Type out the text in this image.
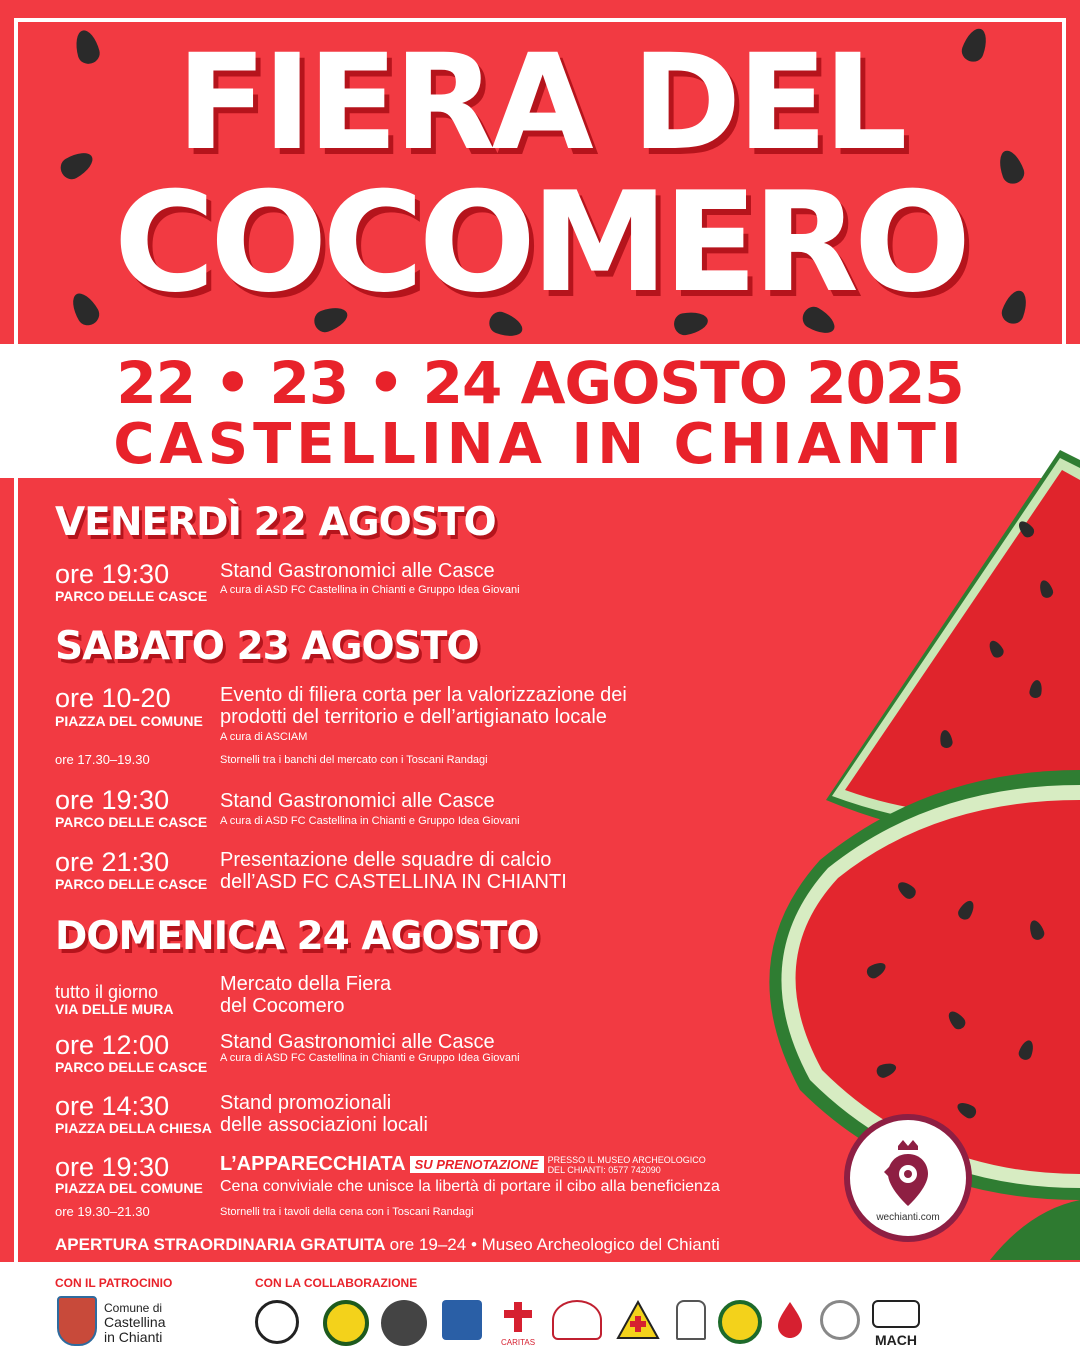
FIERA DEL
COCOMERO
22 • 23 • 24 AGOSTO 2025
CASTELLINA IN CHIANTI
VENERDÌ 22 AGOSTO
ore 19:30
PARCO DELLE CASCE
Stand Gastronomici alle Casce
A cura di ASD FC Castellina in Chianti e Gruppo Idea Giovani
SABATO 23 AGOSTO
ore 10-20
PIAZZA DEL COMUNE
Evento di filiera corta per la valorizzazione dei
prodotti del territorio e dell’artigianato locale
A cura di ASCIAM
ore 17.30–19.30	Stornelli tra i banchi del mercato con i Toscani Randagi
ore 19:30
PARCO DELLE CASCE
Stand Gastronomici alle Casce
A cura di ASD FC Castellina in Chianti e Gruppo Idea Giovani
ore 21:30
PARCO DELLE CASCE
Presentazione delle squadre di calcio
dell’ASD FC CASTELLINA IN CHIANTI
DOMENICA 24 AGOSTO
tutto il giorno
VIA DELLE MURA
Mercato della Fiera
del Cocomero
ore 12:00
PARCO DELLE CASCE
Stand Gastronomici alle Casce
A cura di ASD FC Castellina in Chianti e Gruppo Idea Giovani
ore 14:30
PIAZZA DELLA CHIESA
Stand promozionali
delle associazioni locali
ore 19:30
PIAZZA DEL COMUNE
L’APPARECCHIATA SU PRENOTAZIONE PRESSO IL MUSEO ARCHEOLOGICO
DEL CHIANTI: 0577 742090
Cena conviviale che unisce la libertà di portare il cibo alla beneficienza
ore 19.30–21.30	Stornelli tra i tavoli della cena con i Toscani Randagi
APERTURA STRAORDINARIA GRATUITA ore 19–24 • Museo Archeologico del Chianti
wechianti.com
CON IL PATROCINIO
Comune di
Castellina
in Chianti
CON LA COLLABORAZIONE
CARITAS	MACH
